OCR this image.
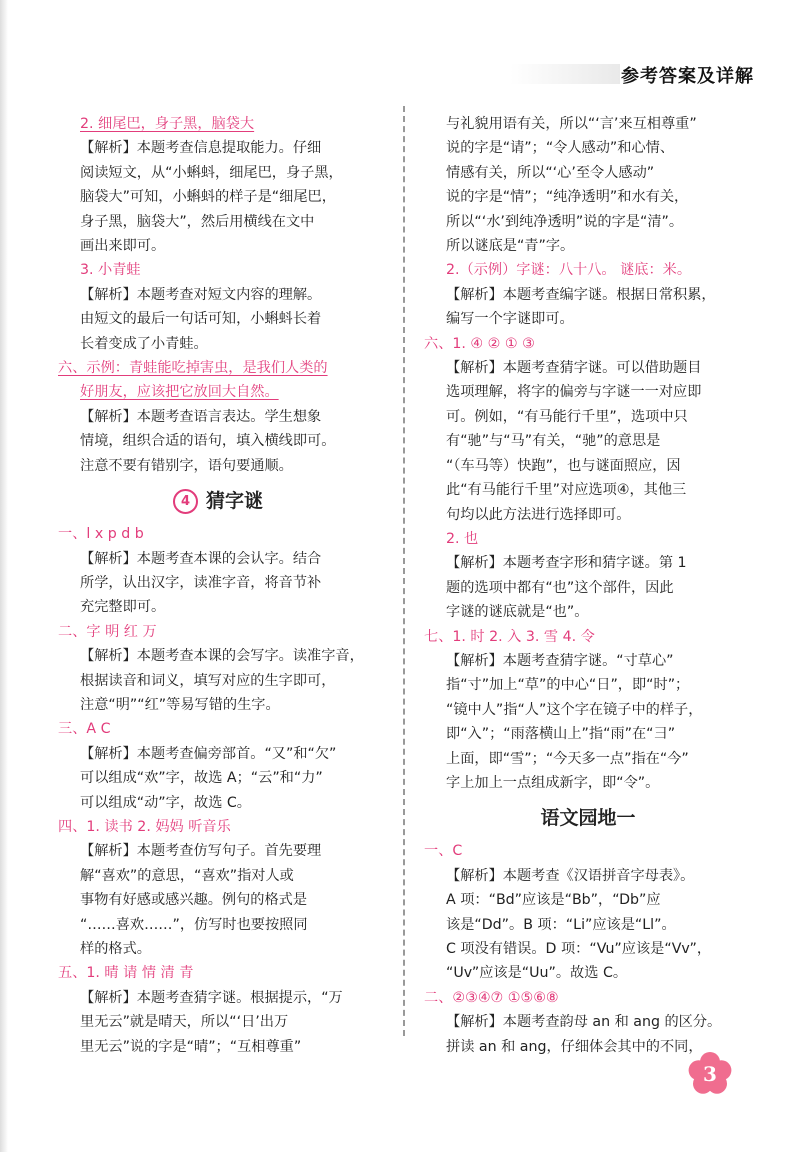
参考答案及详解
2. 细尾巴，身子黑，脑袋大
【解析】本题考查信息提取能力。仔细
阅读短文，从“小蝌蚪，细尾巴，身子黑，
脑袋大”可知，小蝌蚪的样子是“细尾巴，
身子黑，脑袋大”，然后用横线在文中
画出来即可。
3. 小青蛙
【解析】本题考查对短文内容的理解。
由短文的最后一句话可知，小蝌蚪长着
长着变成了小青蛙。
六、示例：青蛙能吃掉害虫，是我们人类的
好朋友，应该把它放回大自然。
【解析】本题考查语言表达。学生想象
情境，组织合适的语句，填入横线即可。
注意不要有错别字，语句要通顺。
4 猜字谜
一、l x p d b
【解析】本题考查本课的会认字。结合
所学，认出汉字，读准字音，将音节补
充完整即可。
二、字 明 红 万
【解析】本题考查本课的会写字。读准字音，
根据读音和词义，填写对应的生字即可，
注意“明”“红”等易写错的生字。
三、A C
【解析】本题考查偏旁部首。“又”和“欠”
可以组成“欢”字，故选 A；“云”和“力”
可以组成“动”字，故选 C。
四、1. 读书 2. 妈妈 听音乐
【解析】本题考查仿写句子。首先要理
解“喜欢”的意思，“喜欢”指对人或
事物有好感或感兴趣。例句的格式是
“……喜欢……”，仿写时也要按照同
样的格式。
五、1. 晴 请 情 清 青
【解析】本题考查猜字谜。根据提示，“万
里无云”就是晴天，所以“‘日’出万
里无云”说的字是“晴”；“互相尊重”
与礼貌用语有关，所以“‘言’来互相尊重”
说的字是“请”；“令人感动”和心情、
情感有关，所以“‘心’至令人感动”
说的字是“情”；“纯净透明”和水有关，
所以“‘水’到纯净透明”说的字是“清”。
所以谜底是“青”字。
2.（示例）字谜：八十八。 谜底：米。
【解析】本题考查编字谜。根据日常积累，
编写一个字谜即可。
六、1. ④ ② ① ③
【解析】本题考查猜字谜。可以借助题目
选项理解，将字的偏旁与字谜一一对应即
可。例如，“有马能行千里”，选项中只
有“驰”与“马”有关，“驰”的意思是
“（车马等）快跑”，也与谜面照应，因
此“有马能行千里”对应选项④，其他三
句均以此方法进行选择即可。
2. 也
【解析】本题考查字形和猜字谜。第 1
题的选项中都有“也”这个部件，因此
字谜的谜底就是“也”。
七、1. 时 2. 入 3. 雪 4. 令
【解析】本题考查猜字谜。“寸草心”
指“寸”加上“草”的中心“日”，即“时”；
“镜中人”指“人”这个字在镜子中的样子，
即“入”；“雨落横山上”指“雨”在“彐”
上面，即“雪”；“今天多一点”指在“今”
字上加上一点组成新字，即“令”。
语文园地一
一、C
【解析】本题考查《汉语拼音字母表》。
A 项：“Bd”应该是“Bb”，“Db”应
该是“Dd”。B 项：“Li”应该是“Ll”。
C 项没有错误。D 项：“Vu”应该是“Vv”，
“Uv”应该是“Uu”。故选 C。
二、②③④⑦ ①⑤⑥⑧
【解析】本题考查韵母 an 和 ang 的区分。
拼读 an 和 ang，仔细体会其中的不同，
3
